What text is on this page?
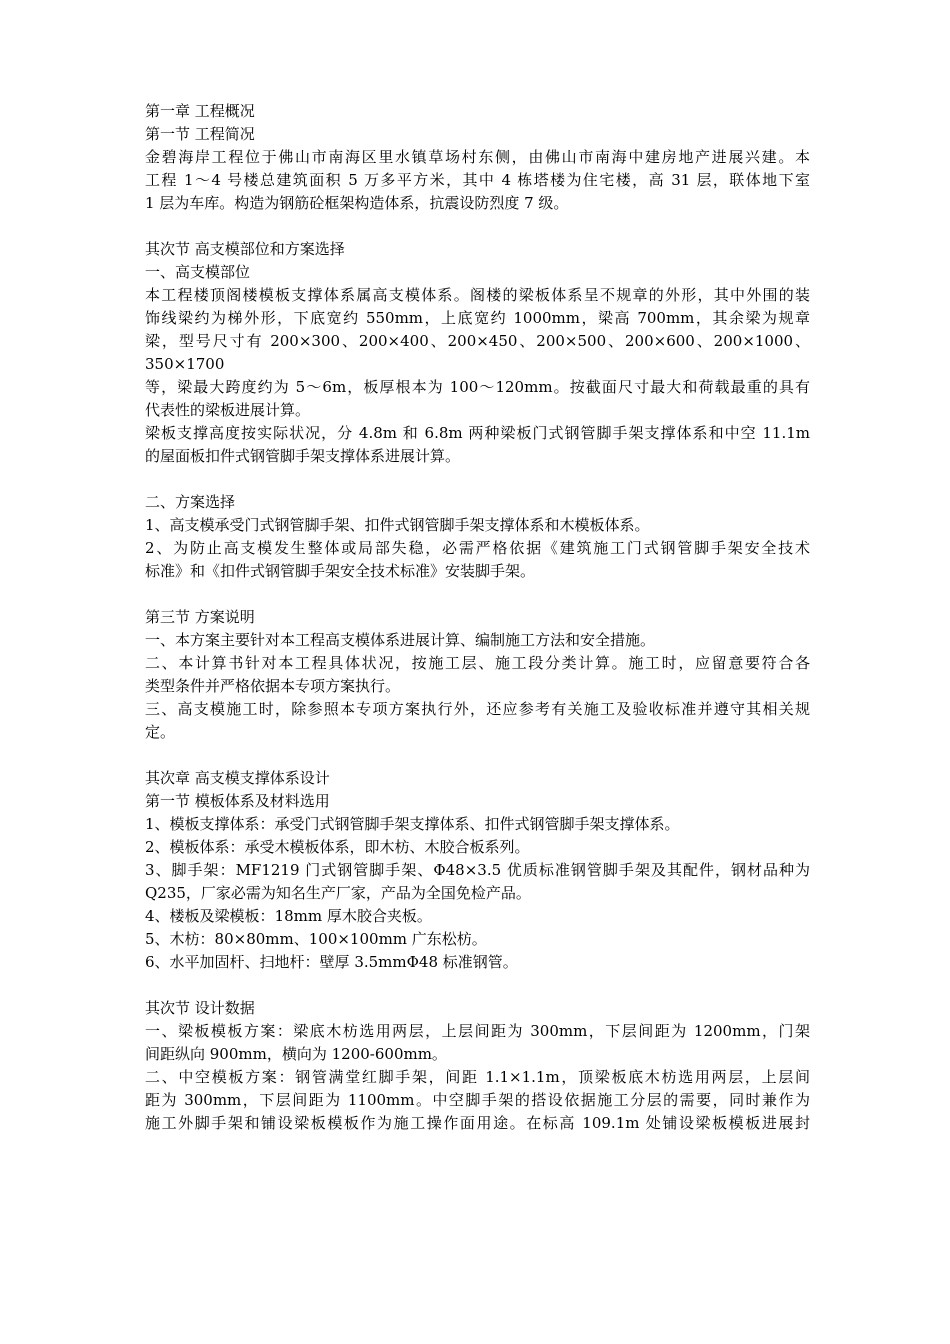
第一章 工程概况
第一节 工程简况
金碧海岸工程位于佛山市南海区里水镇草场村东侧，由佛山市南海中建房地产进展兴建。本
工程 1～4 号楼总建筑面积 5 万多平方米，其中 4 栋塔楼为住宅楼，高 31 层，联体地下室
1 层为车库。构造为钢筋砼框架构造体系，抗震设防烈度 7 级。
其次节 高支模部位和方案选择
一、高支模部位
本工程楼顶阁楼模板支撑体系属高支模体系。阁楼的梁板体系呈不规章的外形，其中外围的装
饰线梁约为梯外形，下底宽约 550mm，上底宽约 1000mm，梁高 700mm，其余梁为规章
梁，型号尺寸有 200×300、200×400、200×450、200×500、200×600、200×1000、350×1700
等，梁最大跨度约为 5～6m，板厚根本为 100～120mm。按截面尺寸最大和荷载最重的具有
代表性的梁板进展计算。
梁板支撑高度按实际状况，分 4.8m 和 6.8m 两种梁板门式钢管脚手架支撑体系和中空 11.1m
的屋面板扣件式钢管脚手架支撑体系进展计算。
二、方案选择
1、高支模承受门式钢管脚手架、扣件式钢管脚手架支撑体系和木模板体系。
2、为防止高支模发生整体或局部失稳，必需严格依据《建筑施工门式钢管脚手架安全技术
标准》和《扣件式钢管脚手架安全技术标准》安装脚手架。
第三节 方案说明
一、本方案主要针对本工程高支模体系进展计算、编制施工方法和安全措施。
二、本计算书针对本工程具体状况，按施工层、施工段分类计算。施工时，应留意要符合各
类型条件并严格依据本专项方案执行。
三、高支模施工时，除参照本专项方案执行外，还应参考有关施工及验收标准并遵守其相关规
定。
其次章 高支模支撑体系设计
第一节 模板体系及材料选用
1、模板支撑体系：承受门式钢管脚手架支撑体系、扣件式钢管脚手架支撑体系。
2、模板体系：承受木模板体系，即木枋、木胶合板系列。
3、脚手架：MF1219 门式钢管脚手架、Φ48×3.5 优质标准钢管脚手架及其配件，钢材品种为
Q235，厂家必需为知名生产厂家，产品为全国免检产品。
4、楼板及梁模板：18mm 厚木胶合夹板。
5、木枋：80×80mm、100×100mm 广东松枋。
6、水平加固杆、扫地杆：壁厚 3.5mmΦ48 标准钢管。
其次节 设计数据
一、梁板模板方案：梁底木枋选用两层，上层间距为 300mm，下层间距为 1200mm，门架
间距纵向 900mm，横向为 1200-600mm。
二、中空模板方案：钢管满堂红脚手架，间距 1.1×1.1m，顶梁板底木枋选用两层，上层间
距为 300mm，下层间距为 1100mm。中空脚手架的搭设依据施工分层的需要，同时兼作为
施工外脚手架和铺设梁板模板作为施工操作面用途。在标高 109.1m 处铺设梁板模板进展封
